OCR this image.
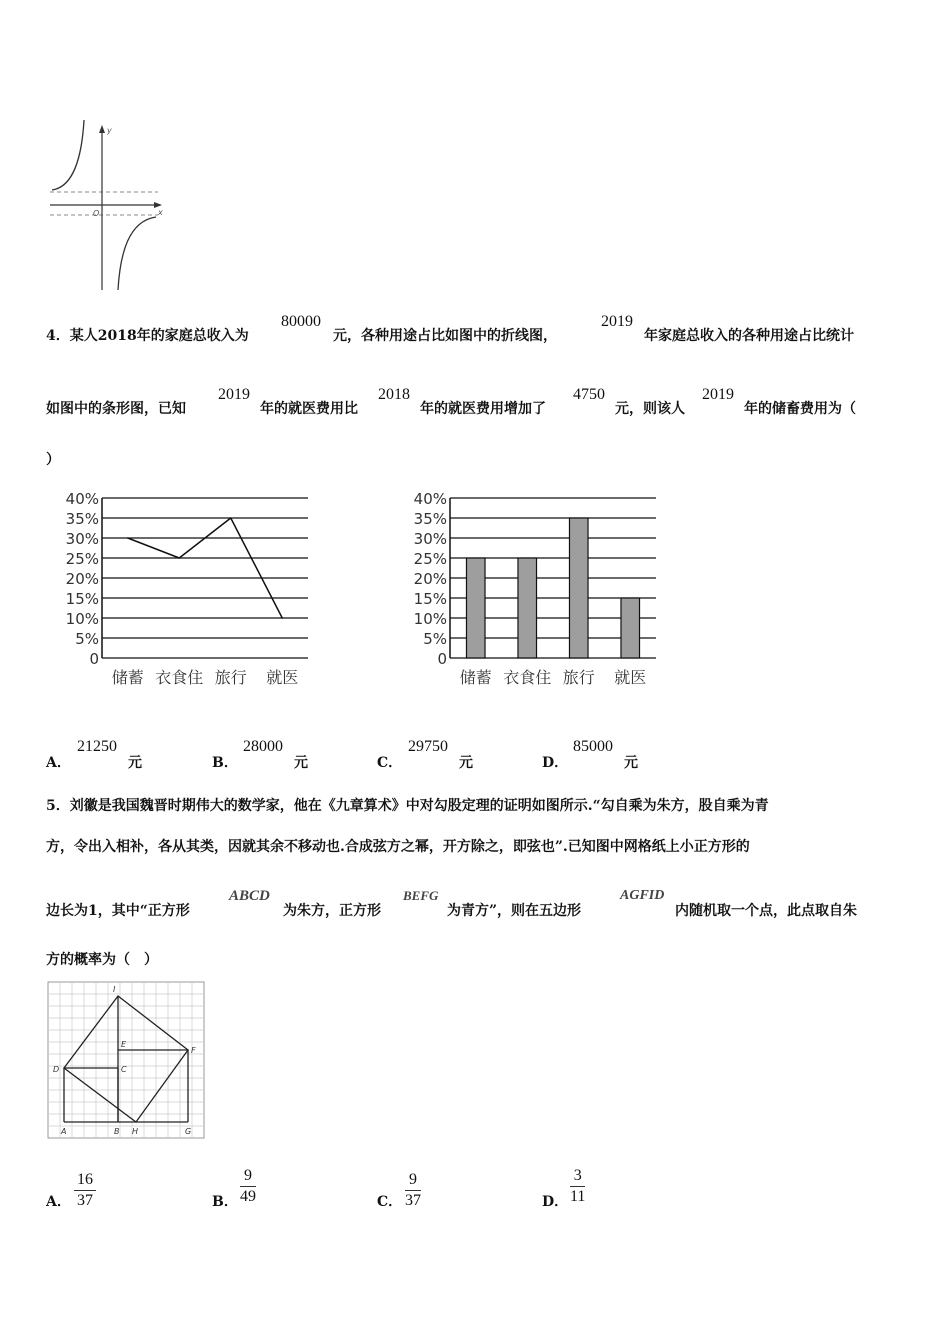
y
x
O
4．某人2018年的家庭总收入为
80000
元，各种用途占比如图中的折线图，
2019
年家庭总收入的各种用途占比统计
如图中的条形图，已知
2019
年的就医费用比
2018
年的就医费用增加了
4750
元，则该人
2019
年的储畜费用为（
）
0
5%
10%
15%
20%
25%
30%
35%
40%
储蓄 衣食住 旅行 就医
0
5%
10%
15%
20%
25%
30%
35%
40%
储蓄 衣食住 旅行 就医
A．
21250
元	B．
28000
元	C．
29750
元	D．
85000
元
5．刘徽是我国魏晋时期伟大的数学家，他在《九章算术》中对勾股定理的证明如图所示.“勾自乘为朱方，股自乘为青
方，令出入相补，各从其类，因就其余不移动也.合成弦方之幂，开方除之，即弦也”.已知图中网格纸上小正方形的
边长为1，其中“正方形
ABCD
为朱方，正方形
BEFG
为青方”，则在五边形
AGFID
内随机取一个点，此点取自朱
方的概率为（　）
I
E
F
D	C
A	B H	G
A． $\frac{16}{37}$	B． $\frac{9}{49}$	C． $\frac{9}{37}$	D． $\frac{3}{11}$
